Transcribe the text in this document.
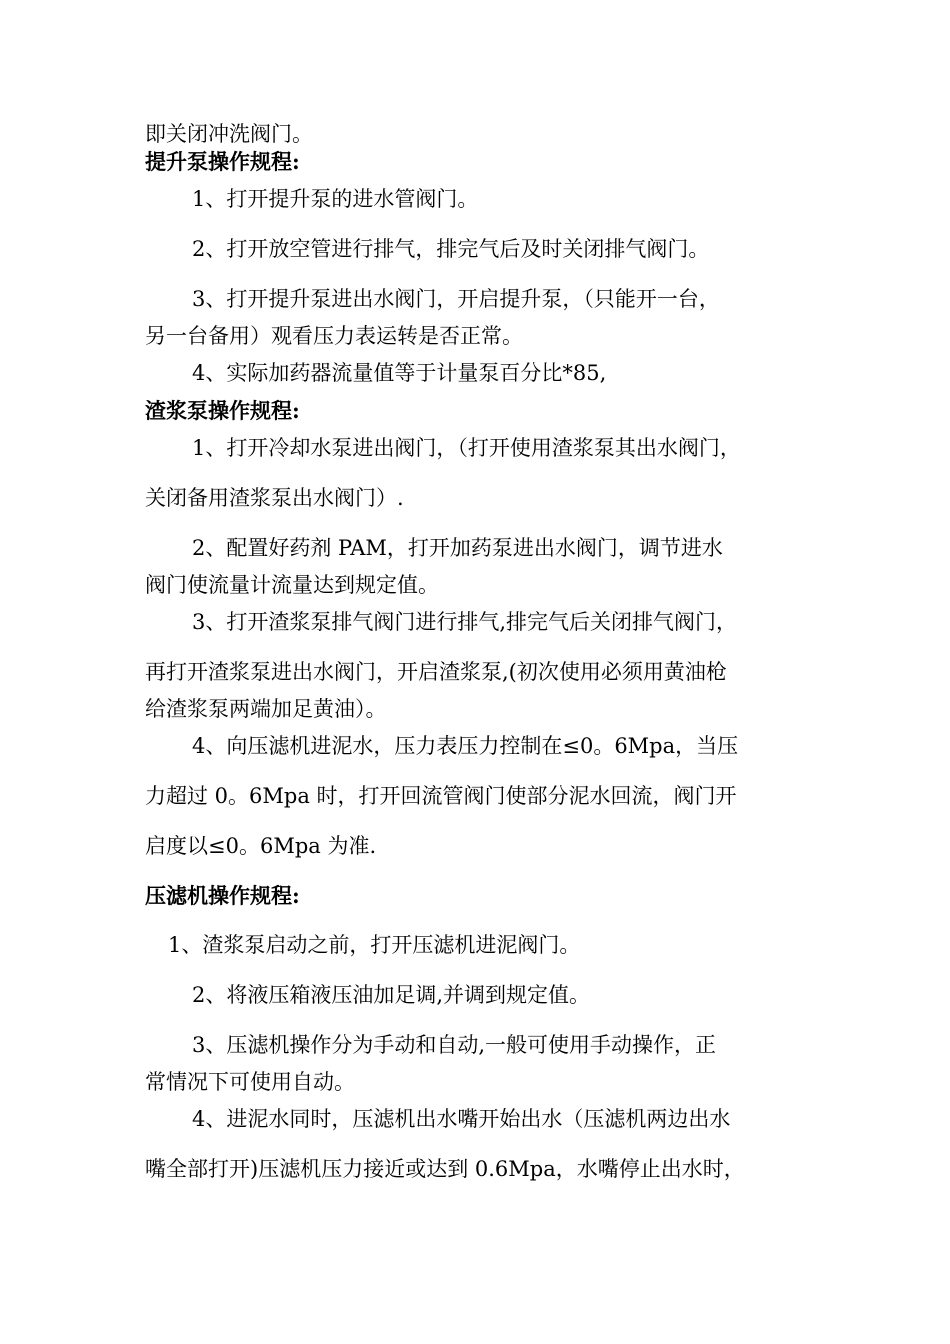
即关闭冲洗阀门。
提升泵操作规程:
1、打开提升泵的进水管阀门。
2、打开放空管进行排气，排完气后及时关闭排气阀门。
3、打开提升泵进出水阀门，开启提升泵，（只能开一台，
另一台备用）观看压力表运转是否正常。
4、实际加药器流量值等于计量泵百分比*85,
渣浆泵操作规程:
1、打开冷却水泵进出阀门，（打开使用渣浆泵其出水阀门，
关闭备用渣浆泵出水阀门）.
2、配置好药剂 PAM，打开加药泵进出水阀门，调节进水
阀门使流量计流量达到规定值。
3、打开渣浆泵排气阀门进行排气,排完气后关闭排气阀门，
再打开渣浆泵进出水阀门，开启渣浆泵,(初次使用必须用黄油枪
给渣浆泵两端加足黄油）。
4、向压滤机进泥水，压力表压力控制在≤0。6Mpa，当压
力超过 0。6Mpa 时，打开回流管阀门使部分泥水回流，阀门开
启度以≤0。6Mpa 为准.
压滤机操作规程:
1、渣浆泵启动之前，打开压滤机进泥阀门。
2、将液压箱液压油加足调,并调到规定值。
3、压滤机操作分为手动和自动,一般可使用手动操作，正
常情况下可使用自动。
4、进泥水同时，压滤机出水嘴开始出水（压滤机两边出水
嘴全部打开)压滤机压力接近或达到 0.6Mpa，水嘴停止出水时，
